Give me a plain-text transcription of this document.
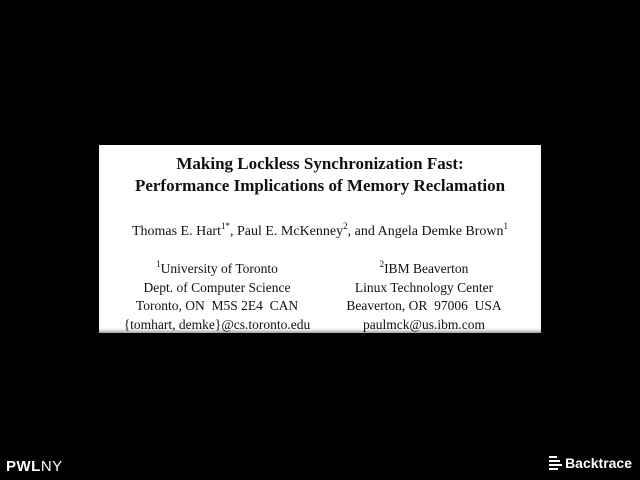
Making Lockless Synchronization Fast:
Performance Implications of Memory Reclamation
Thomas E. Hart$^{1*}$, Paul E. McKenney$^2$, and Angela Demke Brown$^1$
$^1$University of Toronto
Dept. of Computer Science
Toronto, ON  M5S 2E4  CAN
{tomhart, demke}@cs.toronto.edu
$^2$IBM Beaverton
Linux Technology Center
Beaverton, OR  97006  USA
paulmck@us.ibm.com
PWLNY	Backtrace
